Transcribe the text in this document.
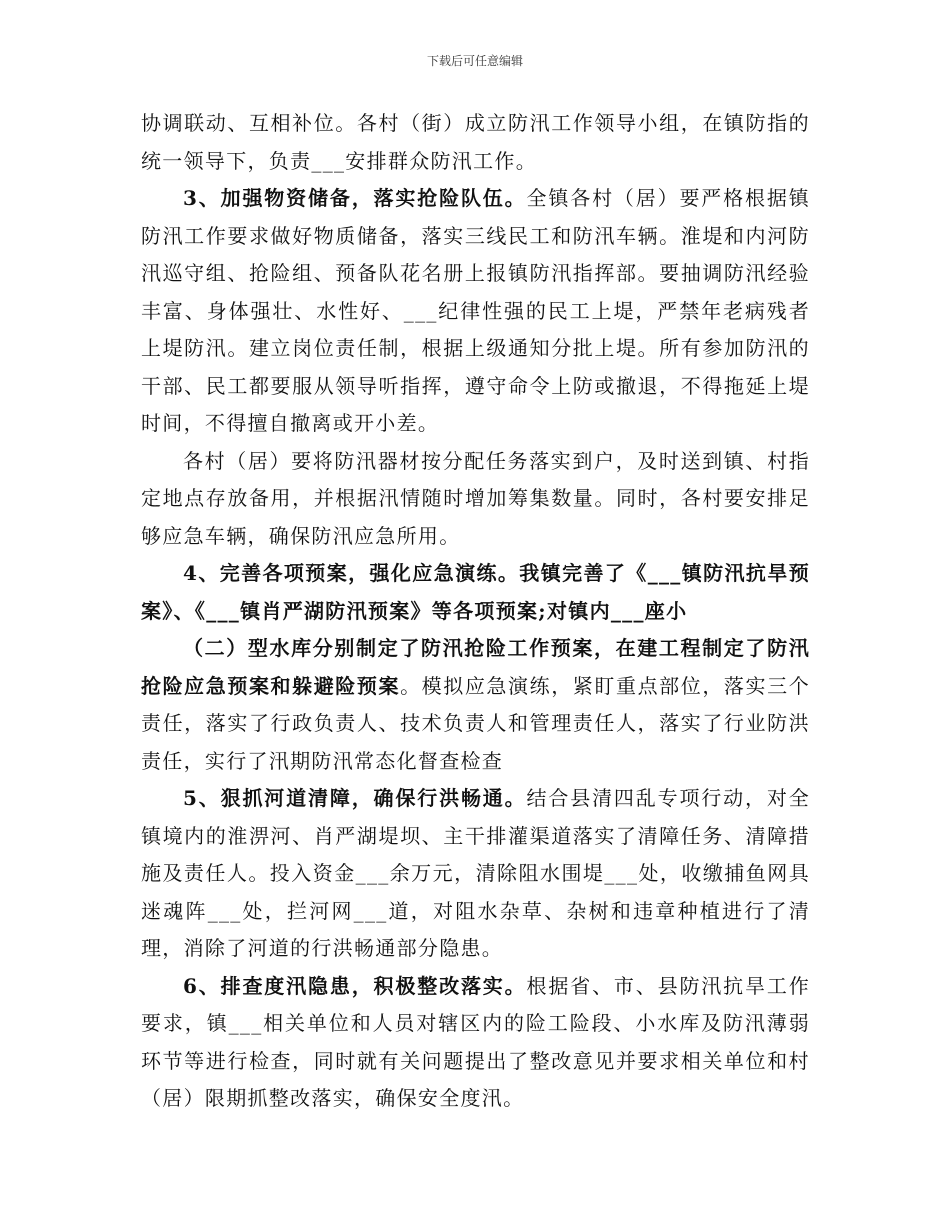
下载后可任意编辑

协调联动、互相补位。各村（街）成立防汛工作领导小组，在镇防指的统一领导下，负责___安排群众防汛工作。

3、加强物资储备，落实抢险队伍。全镇各村（居）要严格根据镇防汛工作要求做好物质储备，落实三线民工和防汛车辆。淮堤和内河防汛巡守组、抢险组、预备队花名册上报镇防汛指挥部。要抽调防汛经验丰富、身体强壮、水性好、___纪律性强的民工上堤，严禁年老病残者上堤防汛。建立岗位责任制，根据上级通知分批上堤。所有参加防汛的干部、民工都要服从领导听指挥，遵守命令上防或撤退，不得拖延上堤时间，不得擅自撤离或开小差。

各村（居）要将防汛器材按分配任务落实到户，及时送到镇、村指定地点存放备用，并根据汛情随时增加筹集数量。同时，各村要安排足够应急车辆，确保防汛应急所用。

4、完善各项预案，强化应急演练。我镇完善了《___镇防汛抗旱预案》、《___镇肖严湖防汛预案》等各项预案;对镇内___座小

（二）型水库分别制定了防汛抢险工作预案，在建工程制定了防汛抢险应急预案和躲避险预案。模拟应急演练，紧盯重点部位，落实三个责任，落实了行政负责人、技术负责人和管理责任人，落实了行业防洪责任，实行了汛期防汛常态化督查检查

5、狠抓河道清障，确保行洪畅通。结合县清四乱专项行动，对全镇境内的淮淠河、肖严湖堤坝、主干排灌渠道落实了清障任务、清障措施及责任人。投入资金___余万元，清除阻水围堤___处，收缴捕鱼网具迷魂阵___处，拦河网___道，对阻水杂草、杂树和违章种植进行了清理，消除了河道的行洪畅通部分隐患。

6、排查度汛隐患，积极整改落实。根据省、市、县防汛抗旱工作要求，镇___相关单位和人员对辖区内的险工险段、小水库及防汛薄弱环节等进行检查，同时就有关问题提出了整改意见并要求相关单位和村（居）限期抓整改落实，确保安全度汛。
